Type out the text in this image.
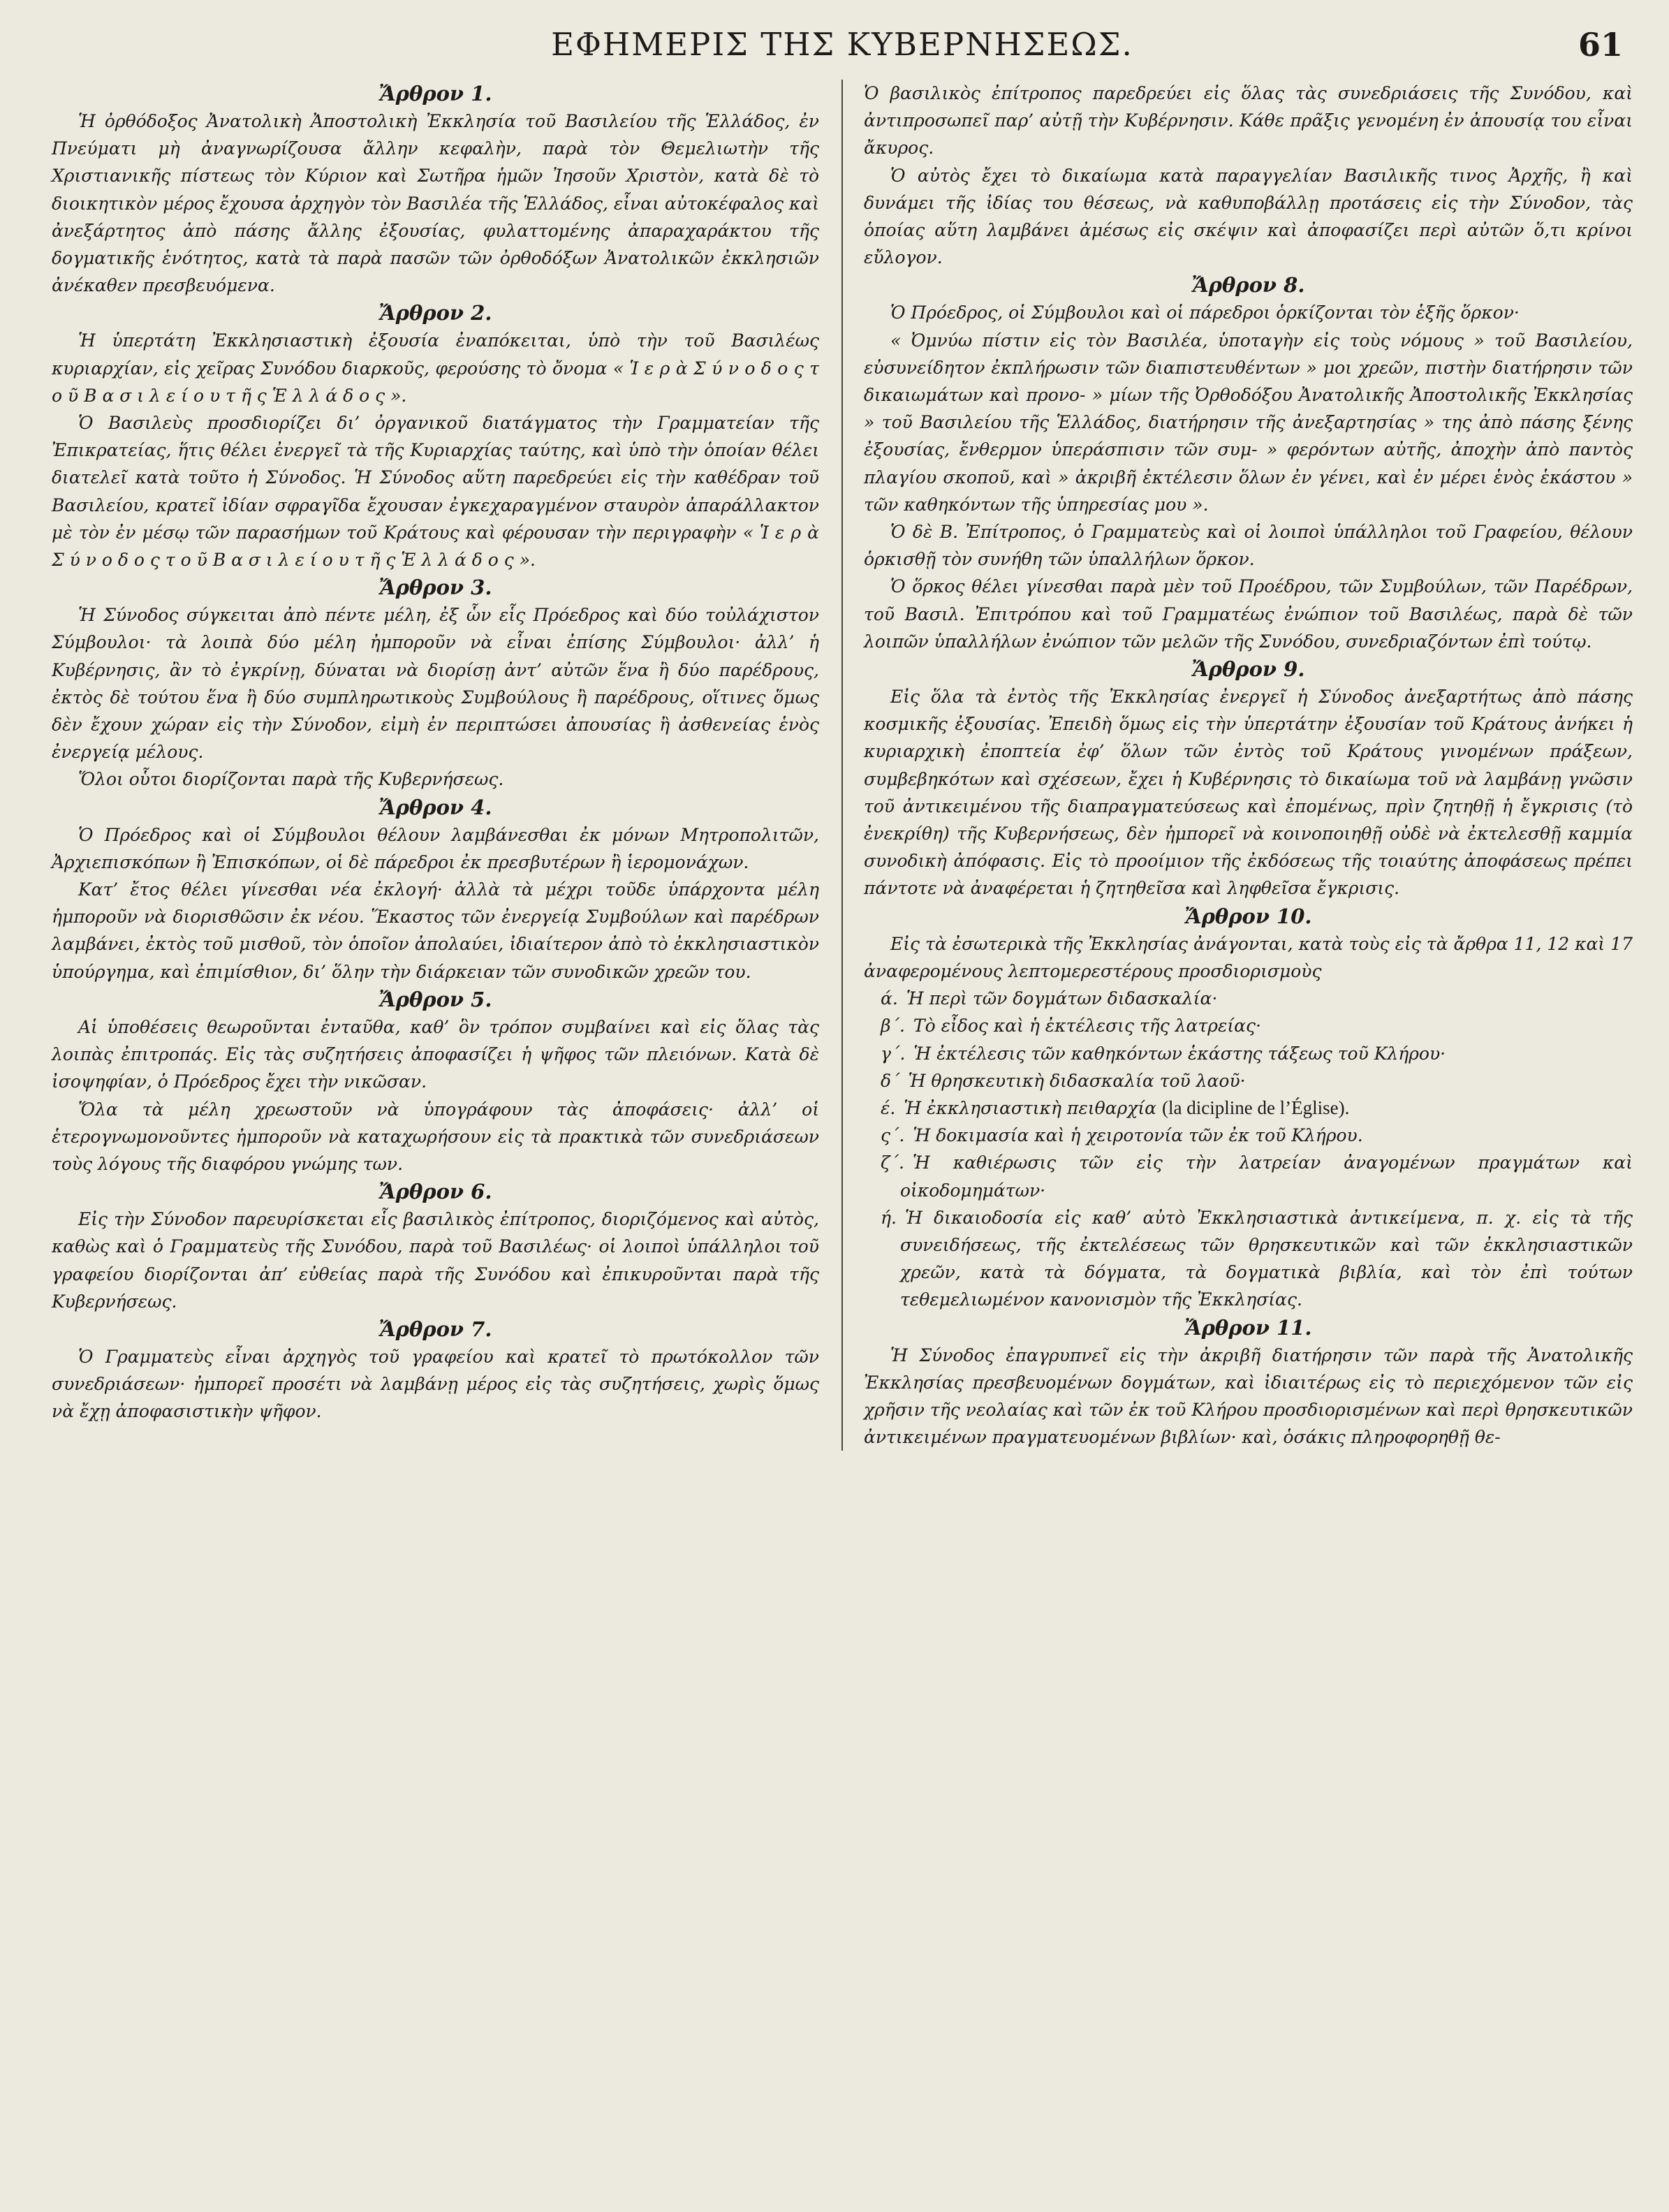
ΕΦΗΜΕΡΙΣ ΤΗΣ ΚΥΒΕΡΝΗΣΕΩΣ.	61
Ἄρθρον 1.

Ἡ ὀρθόδοξος Ἀνατολικὴ Ἀποστολικὴ Ἐκκλησία τοῦ Βασιλείου τῆς Ἑλλάδος, ἐν Πνεύματι μὴ ἀναγνωρίζουσα ἄλλην κεφαλὴν, παρὰ τὸν Θεμελιωτὴν τῆς Χριστιανικῆς πίστεως τὸν Κύριον καὶ Σωτῆρα ἡμῶν Ἰησοῦν Χριστὸν, κατὰ δὲ τὸ διοικητικὸν μέρος ἔχουσα ἀρχηγὸν τὸν Βασιλέα τῆς Ἑλλάδος, εἶναι αὐτοκέφαλος καὶ ἀνεξάρτητος ἀπὸ πάσης ἄλλης ἐξουσίας, φυλαττομένης ἀπαραχαράκτου τῆς δογματικῆς ἑνότητος, κατὰ τὰ παρὰ πασῶν τῶν ὀρθοδόξων Ἀνατολικῶν ἐκκλησιῶν ἀνέκαθεν πρεσβευόμενα.

Ἄρθρον 2.

Ἡ ὑπερτάτη Ἐκκλησιαστικὴ ἐξουσία ἐναπόκειται, ὑπὸ τὴν τοῦ Βασιλέως κυριαρχίαν, εἰς χεῖρας Συνόδου διαρκοῦς, φερούσης τὸ ὄνομα « Ἱ ε ρ ὰ Σ ύ ν ο δ ο ς τ ο ῦ Β α σ ι λ ε ί ο υ τ ῆ ς Ἑ λ λ ά δ ο ς ».

Ὁ Βασιλεὺς προσδιορίζει δι’ ὀργανικοῦ διατάγματος τὴν Γραμματείαν τῆς Ἐπικρατείας, ἥτις θέλει ἐνεργεῖ τὰ τῆς Κυριαρχίας ταύτης, καὶ ὑπὸ τὴν ὁποίαν θέλει διατελεῖ κατὰ τοῦτο ἡ Σύνοδος. Ἡ Σύνοδος αὕτη παρεδρεύει εἰς τὴν καθέδραν τοῦ Βασιλείου, κρατεῖ ἰδίαν σφραγῖδα ἔχουσαν ἐγκεχαραγμένον σταυρὸν ἀπαράλλακτον μὲ τὸν ἐν μέσῳ τῶν παρασήμων τοῦ Κράτους καὶ φέρουσαν τὴν περιγραφὴν « Ἱ ε ρ ὰ Σ ύ ν ο δ ο ς τ ο ῦ Β α σ ι λ ε ί ο υ τ ῆ ς Ἑ λ λ ά δ ο ς ».

Ἄρθρον 3.

Ἡ Σύνοδος σύγκειται ἀπὸ πέντε μέλη, ἐξ ὧν εἷς Πρόεδρος καὶ δύο τοὐλάχιστον Σύμβουλοι· τὰ λοιπὰ δύο μέλη ἠμποροῦν νὰ εἶναι ἐπίσης Σύμβουλοι· ἀλλ’ ἡ Κυβέρνησις, ἂν τὸ ἐγκρίνῃ, δύναται νὰ διορίσῃ ἀντ’ αὐτῶν ἕνα ἢ δύο παρέδρους, ἐκτὸς δὲ τούτου ἕνα ἢ δύο συμπληρωτικοὺς Συμβούλους ἢ παρέδρους, οἵτινες ὅμως δὲν ἔχουν χώραν εἰς τὴν Σύνοδον, εἰμὴ ἐν περιπτώσει ἀπουσίας ἢ ἀσθενείας ἑνὸς ἐνεργείᾳ μέλους.

Ὅλοι οὗτοι διορίζονται παρὰ τῆς Κυβερνήσεως.

Ἄρθρον 4.

Ὁ Πρόεδρος καὶ οἱ Σύμβουλοι θέλουν λαμβάνεσθαι ἐκ μόνων Μητροπολιτῶν, Ἀρχιεπισκόπων ἢ Ἐπισκόπων, οἱ δὲ πάρεδροι ἐκ πρεσβυτέρων ἢ ἱερομονάχων.

Κατ’ ἔτος θέλει γίνεσθαι νέα ἐκλογή· ἀλλὰ τὰ μέχρι τοῦδε ὑπάρχοντα μέλη ἠμποροῦν νὰ διορισθῶσιν ἐκ νέου. Ἕκαστος τῶν ἐνεργείᾳ Συμβούλων καὶ παρέδρων λαμβάνει, ἐκτὸς τοῦ μισθοῦ, τὸν ὁποῖον ἀπολαύει, ἰδιαίτερον ἀπὸ τὸ ἐκκλησιαστικὸν ὑπούργημα, καὶ ἐπιμίσθιον, δι’ ὅλην τὴν διάρκειαν τῶν συνοδικῶν χρεῶν του.

Ἄρθρον 5.

Αἱ ὑποθέσεις θεωροῦνται ἐνταῦθα, καθ’ ὃν τρόπον συμβαίνει καὶ εἰς ὅλας τὰς λοιπὰς ἐπιτροπάς. Εἰς τὰς συζητήσεις ἀποφασίζει ἡ ψῆφος τῶν πλειόνων. Κατὰ δὲ ἰσοψηφίαν, ὁ Πρόεδρος ἔχει τὴν νικῶσαν.

Ὅλα τὰ μέλη χρεωστοῦν νὰ ὑπογράφουν τὰς ἀποφάσεις· ἀλλ’ οἱ ἑτερογνωμονοῦντες ἠμποροῦν νὰ καταχωρήσουν εἰς τὰ πρακτικὰ τῶν συνεδριάσεων τοὺς λόγους τῆς διαφόρου γνώμης των.

Ἄρθρον 6.

Εἰς τὴν Σύνοδον παρευρίσκεται εἷς βασιλικὸς ἐπίτροπος, διοριζόμενος καὶ αὐτὸς, καθὼς καὶ ὁ Γραμματεὺς τῆς Συνόδου, παρὰ τοῦ Βασιλέως· οἱ λοιποὶ ὑπάλληλοι τοῦ γραφείου διορίζονται ἀπ’ εὐθείας παρὰ τῆς Συνόδου καὶ ἐπικυροῦνται παρὰ τῆς Κυβερνήσεως.

Ἄρθρον 7.

Ὁ Γραμματεὺς εἶναι ἀρχηγὸς τοῦ γραφείου καὶ κρατεῖ τὸ πρωτόκολλον τῶν συνεδριάσεων· ἠμπορεῖ προσέτι νὰ λαμβάνῃ μέρος εἰς τὰς συζητήσεις, χωρὶς ὅμως νὰ ἔχῃ ἀποφασιστικὴν ψῆφον.

Ὁ βασιλικὸς ἐπίτροπος παρεδρεύει εἰς ὅλας τὰς συνεδριάσεις τῆς Συνόδου, καὶ ἀντιπροσωπεῖ παρ’ αὐτῇ τὴν Κυβέρνησιν. Κάθε πρᾶξις γενομένη ἐν ἀπουσίᾳ του εἶναι ἄκυρος.

Ὁ αὐτὸς ἔχει τὸ δικαίωμα κατὰ παραγγελίαν Βασιλικῆς τινος Ἀρχῆς, ἢ καὶ δυνάμει τῆς ἰδίας του θέσεως, νὰ καθυποβάλλῃ προτάσεις εἰς τὴν Σύνοδον, τὰς ὁποίας αὕτη λαμβάνει ἀμέσως εἰς σκέψιν καὶ ἀποφασίζει περὶ αὐτῶν ὅ,τι κρίνοι εὔλογον.

Ἄρθρον 8.

Ὁ Πρόεδρος, οἱ Σύμβουλοι καὶ οἱ πάρεδροι ὁρκίζονται τὸν ἑξῆς ὅρκον·

« Ὀμνύω πίστιν εἰς τὸν Βασιλέα, ὑποταγὴν εἰς τοὺς νόμους » τοῦ Βασιλείου, εὐσυνείδητον ἐκπλήρωσιν τῶν διαπιστευθέντων » μοι χρεῶν, πιστὴν διατήρησιν τῶν δικαιωμάτων καὶ προνο- » μίων τῆς Ὀρθοδόξου Ἀνατολικῆς Ἀποστολικῆς Ἐκκλησίας » τοῦ Βασιλείου τῆς Ἑλλάδος, διατήρησιν τῆς ἀνεξαρτησίας » της ἀπὸ πάσης ξένης ἐξουσίας, ἔνθερμον ὑπεράσπισιν τῶν συμ- » φερόντων αὐτῆς, ἀποχὴν ἀπὸ παντὸς πλαγίου σκοποῦ, καὶ » ἀκριβῆ ἐκτέλεσιν ὅλων ἐν γένει, καὶ ἐν μέρει ἑνὸς ἑκάστου » τῶν καθηκόντων τῆς ὑπηρεσίας μου ».

Ὁ δὲ Β. Ἐπίτροπος, ὁ Γραμματεὺς καὶ οἱ λοιποὶ ὑπάλληλοι τοῦ Γραφείου, θέλουν ὁρκισθῇ τὸν συνήθη τῶν ὑπαλλήλων ὅρκον.

Ὁ ὅρκος θέλει γίνεσθαι παρὰ μὲν τοῦ Προέδρου, τῶν Συμβούλων, τῶν Παρέδρων, τοῦ Βασιλ. Ἐπιτρόπου καὶ τοῦ Γραμματέως ἐνώπιον τοῦ Βασιλέως, παρὰ δὲ τῶν λοιπῶν ὑπαλλήλων ἐνώπιον τῶν μελῶν τῆς Συνόδου, συνεδριαζόντων ἐπὶ τούτῳ.

Ἄρθρον 9.

Εἰς ὅλα τὰ ἐντὸς τῆς Ἐκκλησίας ἐνεργεῖ ἡ Σύνοδος ἀνεξαρτήτως ἀπὸ πάσης κοσμικῆς ἐξουσίας. Ἐπειδὴ ὅμως εἰς τὴν ὑπερτάτην ἐξουσίαν τοῦ Κράτους ἀνήκει ἡ κυριαρχικὴ ἐποπτεία ἐφ’ ὅλων τῶν ἐντὸς τοῦ Κράτους γινομένων πράξεων, συμβεβηκότων καὶ σχέσεων, ἔχει ἡ Κυβέρνησις τὸ δικαίωμα τοῦ νὰ λαμβάνῃ γνῶσιν τοῦ ἀντικειμένου τῆς διαπραγματεύσεως καὶ ἐπομένως, πρὶν ζητηθῇ ἡ ἔγκρισις (τὸ ἐνεκρίθη) τῆς Κυβερνήσεως, δὲν ἠμπορεῖ νὰ κοινοποιηθῇ οὐδὲ νὰ ἐκτελεσθῇ καμμία συνοδικὴ ἀπόφασις. Εἰς τὸ προοίμιον τῆς ἐκδόσεως τῆς τοιαύτης ἀποφάσεως πρέπει πάντοτε νὰ ἀναφέρεται ἡ ζητηθεῖσα καὶ ληφθεῖσα ἔγκρισις.

Ἄρθρον 10.

Εἰς τὰ ἐσωτερικὰ τῆς Ἐκκλησίας ἀνάγονται, κατὰ τοὺς εἰς τὰ ἄρθρα 11, 12 καὶ 17 ἀναφερομένους λεπτομερεστέρους προσδιορισμοὺς

ά. Ἡ περὶ τῶν δογμάτων διδασκαλία·
β΄. Τὸ εἶδος καὶ ἡ ἐκτέλεσις τῆς λατρείας·
γ΄. Ἡ ἐκτέλεσις τῶν καθηκόντων ἑκάστης τάξεως τοῦ Κλήρου·
δ΄ Ἡ θρησκευτικὴ διδασκαλία τοῦ λαοῦ·
έ. Ἡ ἐκκλησιαστικὴ πειθαρχία (la dicipline de l’Église).
ς΄. Ἡ δοκιμασία καὶ ἡ χειροτονία τῶν ἐκ τοῦ Κλήρου.
ζ΄. Ἡ καθιέρωσις τῶν εἰς τὴν λατρείαν ἀναγομένων πραγμάτων καὶ οἰκοδομημάτων·
ή. Ἡ δικαιοδοσία εἰς καθ’ αὐτὸ Ἐκκλησιαστικὰ ἀντικείμενα, π. χ. εἰς τὰ τῆς συνειδήσεως, τῆς ἐκτελέσεως τῶν θρησκευτικῶν καὶ τῶν ἐκκλησιαστικῶν χρεῶν, κατὰ τὰ δόγματα, τὰ δογματικὰ βιβλία, καὶ τὸν ἐπὶ τούτων τεθεμελιωμένον κανονισμὸν τῆς Ἐκκλησίας.
Ἄρθρον 11.

Ἡ Σύνοδος ἐπαγρυπνεῖ εἰς τὴν ἀκριβῆ διατήρησιν τῶν παρὰ τῆς Ἀνατολικῆς Ἐκκλησίας πρεσβευομένων δογμάτων, καὶ ἰδιαιτέρως εἰς τὸ περιεχόμενον τῶν εἰς χρῆσιν τῆς νεολαίας καὶ τῶν ἐκ τοῦ Κλήρου προσδιορισμένων καὶ περὶ θρησκευτικῶν ἀντικειμένων πραγματευομένων βιβλίων· καὶ, ὁσάκις πληροφορηθῇ θε-
